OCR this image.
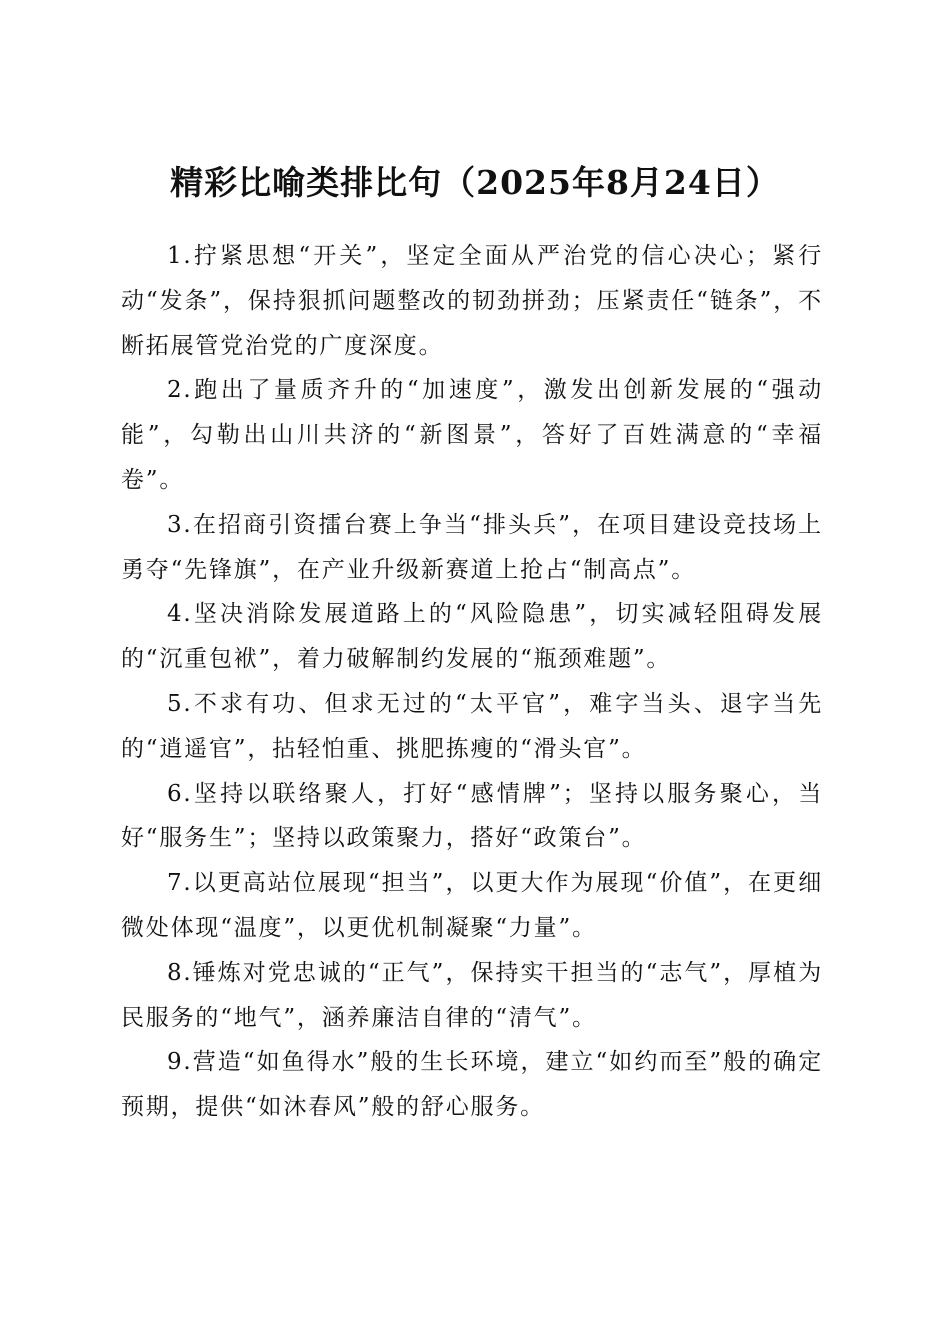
精彩比喻类排比句（2025年8月24日）

1.拧紧思想“开关”，坚定全面从严治党的信心决心；紧行动“发条”，保持狠抓问题整改的韧劲拼劲；压紧责任“链条”，不断拓展管党治党的广度深度。

2.跑出了量质齐升的“加速度”，激发出创新发展的“强动能”，勾勒出山川共济的“新图景”，答好了百姓满意的“幸福卷”。

3.在招商引资擂台赛上争当“排头兵”，在项目建设竞技场上勇夺“先锋旗”，在产业升级新赛道上抢占“制高点”。

4.坚决消除发展道路上的“风险隐患”，切实减轻阻碍发展的“沉重包袱”，着力破解制约发展的“瓶颈难题”。

5.不求有功、但求无过的“太平官”，难字当头、退字当先的“逍遥官”，拈轻怕重、挑肥拣瘦的“滑头官”。

6.坚持以联络聚人，打好“感情牌”；坚持以服务聚心，当好“服务生”；坚持以政策聚力，搭好“政策台”。

7.以更高站位展现“担当”，以更大作为展现“价值”，在更细微处体现“温度”，以更优机制凝聚“力量”。

8.锤炼对党忠诚的“正气”，保持实干担当的“志气”，厚植为民服务的“地气”，涵养廉洁自律的“清气”。

9.营造“如鱼得水”般的生长环境，建立“如约而至”般的确定预期，提供“如沐春风”般的舒心服务。
